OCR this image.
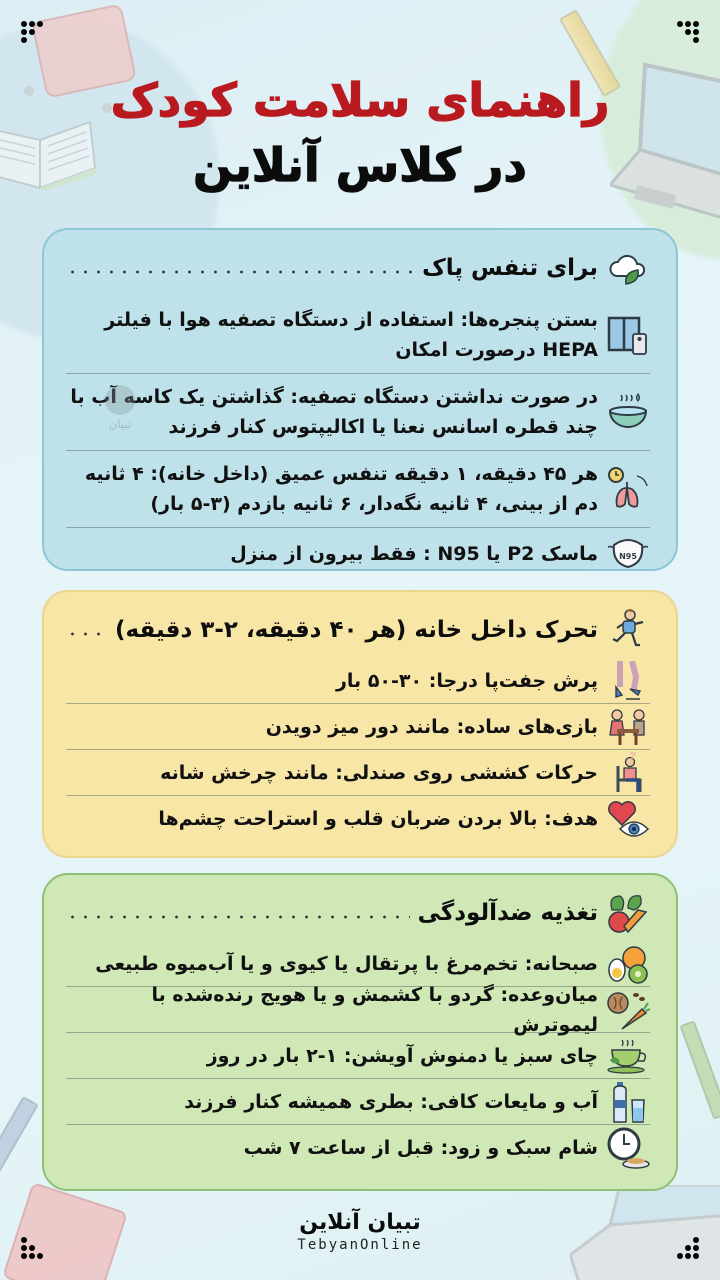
راهنمای سلامت کودک
در کلاس آنلاین
برای تنفس پاک
بستن پنجره‌ها: استفاده از دستگاه تصفیه هوا با فیلتر HEPA درصورت امکان
در صورت نداشتن دستگاه تصفیه: گذاشتن یک کاسه آب با چند قطره اسانس نعنا یا اکالیپتوس کنار فرزند
هر ۴۵ دقیقه، ۱ دقیقه تنفس عمیق (داخل خانه): ۴ ثانیه دم از بینی، ۴ ثانیه نگه‌دار، ۶ ثانیه بازدم (۳-۵ بار)
N95
ماسک P2 یا N95 : فقط بیرون از منزل
تبیان
تحرک داخل خانه (هر ۴۰ دقیقه، ۲-۳ دقیقه)
پرش جفت‌پا درجا: ۳۰-۵۰ بار
بازی‌های ساده: مانند دور میز دویدن
حرکات کششی روی صندلی: مانند چرخش شانه
هدف: بالا بردن ضربان قلب و استراحت چشم‌ها
تغذیه ضدآلودگی
صبحانه: تخم‌مرغ با پرتقال یا کیوی و یا آب‌میوه طبیعی
میان‌وعده: گردو با کشمش و یا هویج رنده‌شده با لیموترش
چای سبز یا دمنوش آویشن: ۱-۲ بار در روز
آب و مایعات کافی: بطری همیشه کنار فرزند
شام سبک و زود: قبل از ساعت ۷ شب
تبیان آنلاین
TebyanOnline
